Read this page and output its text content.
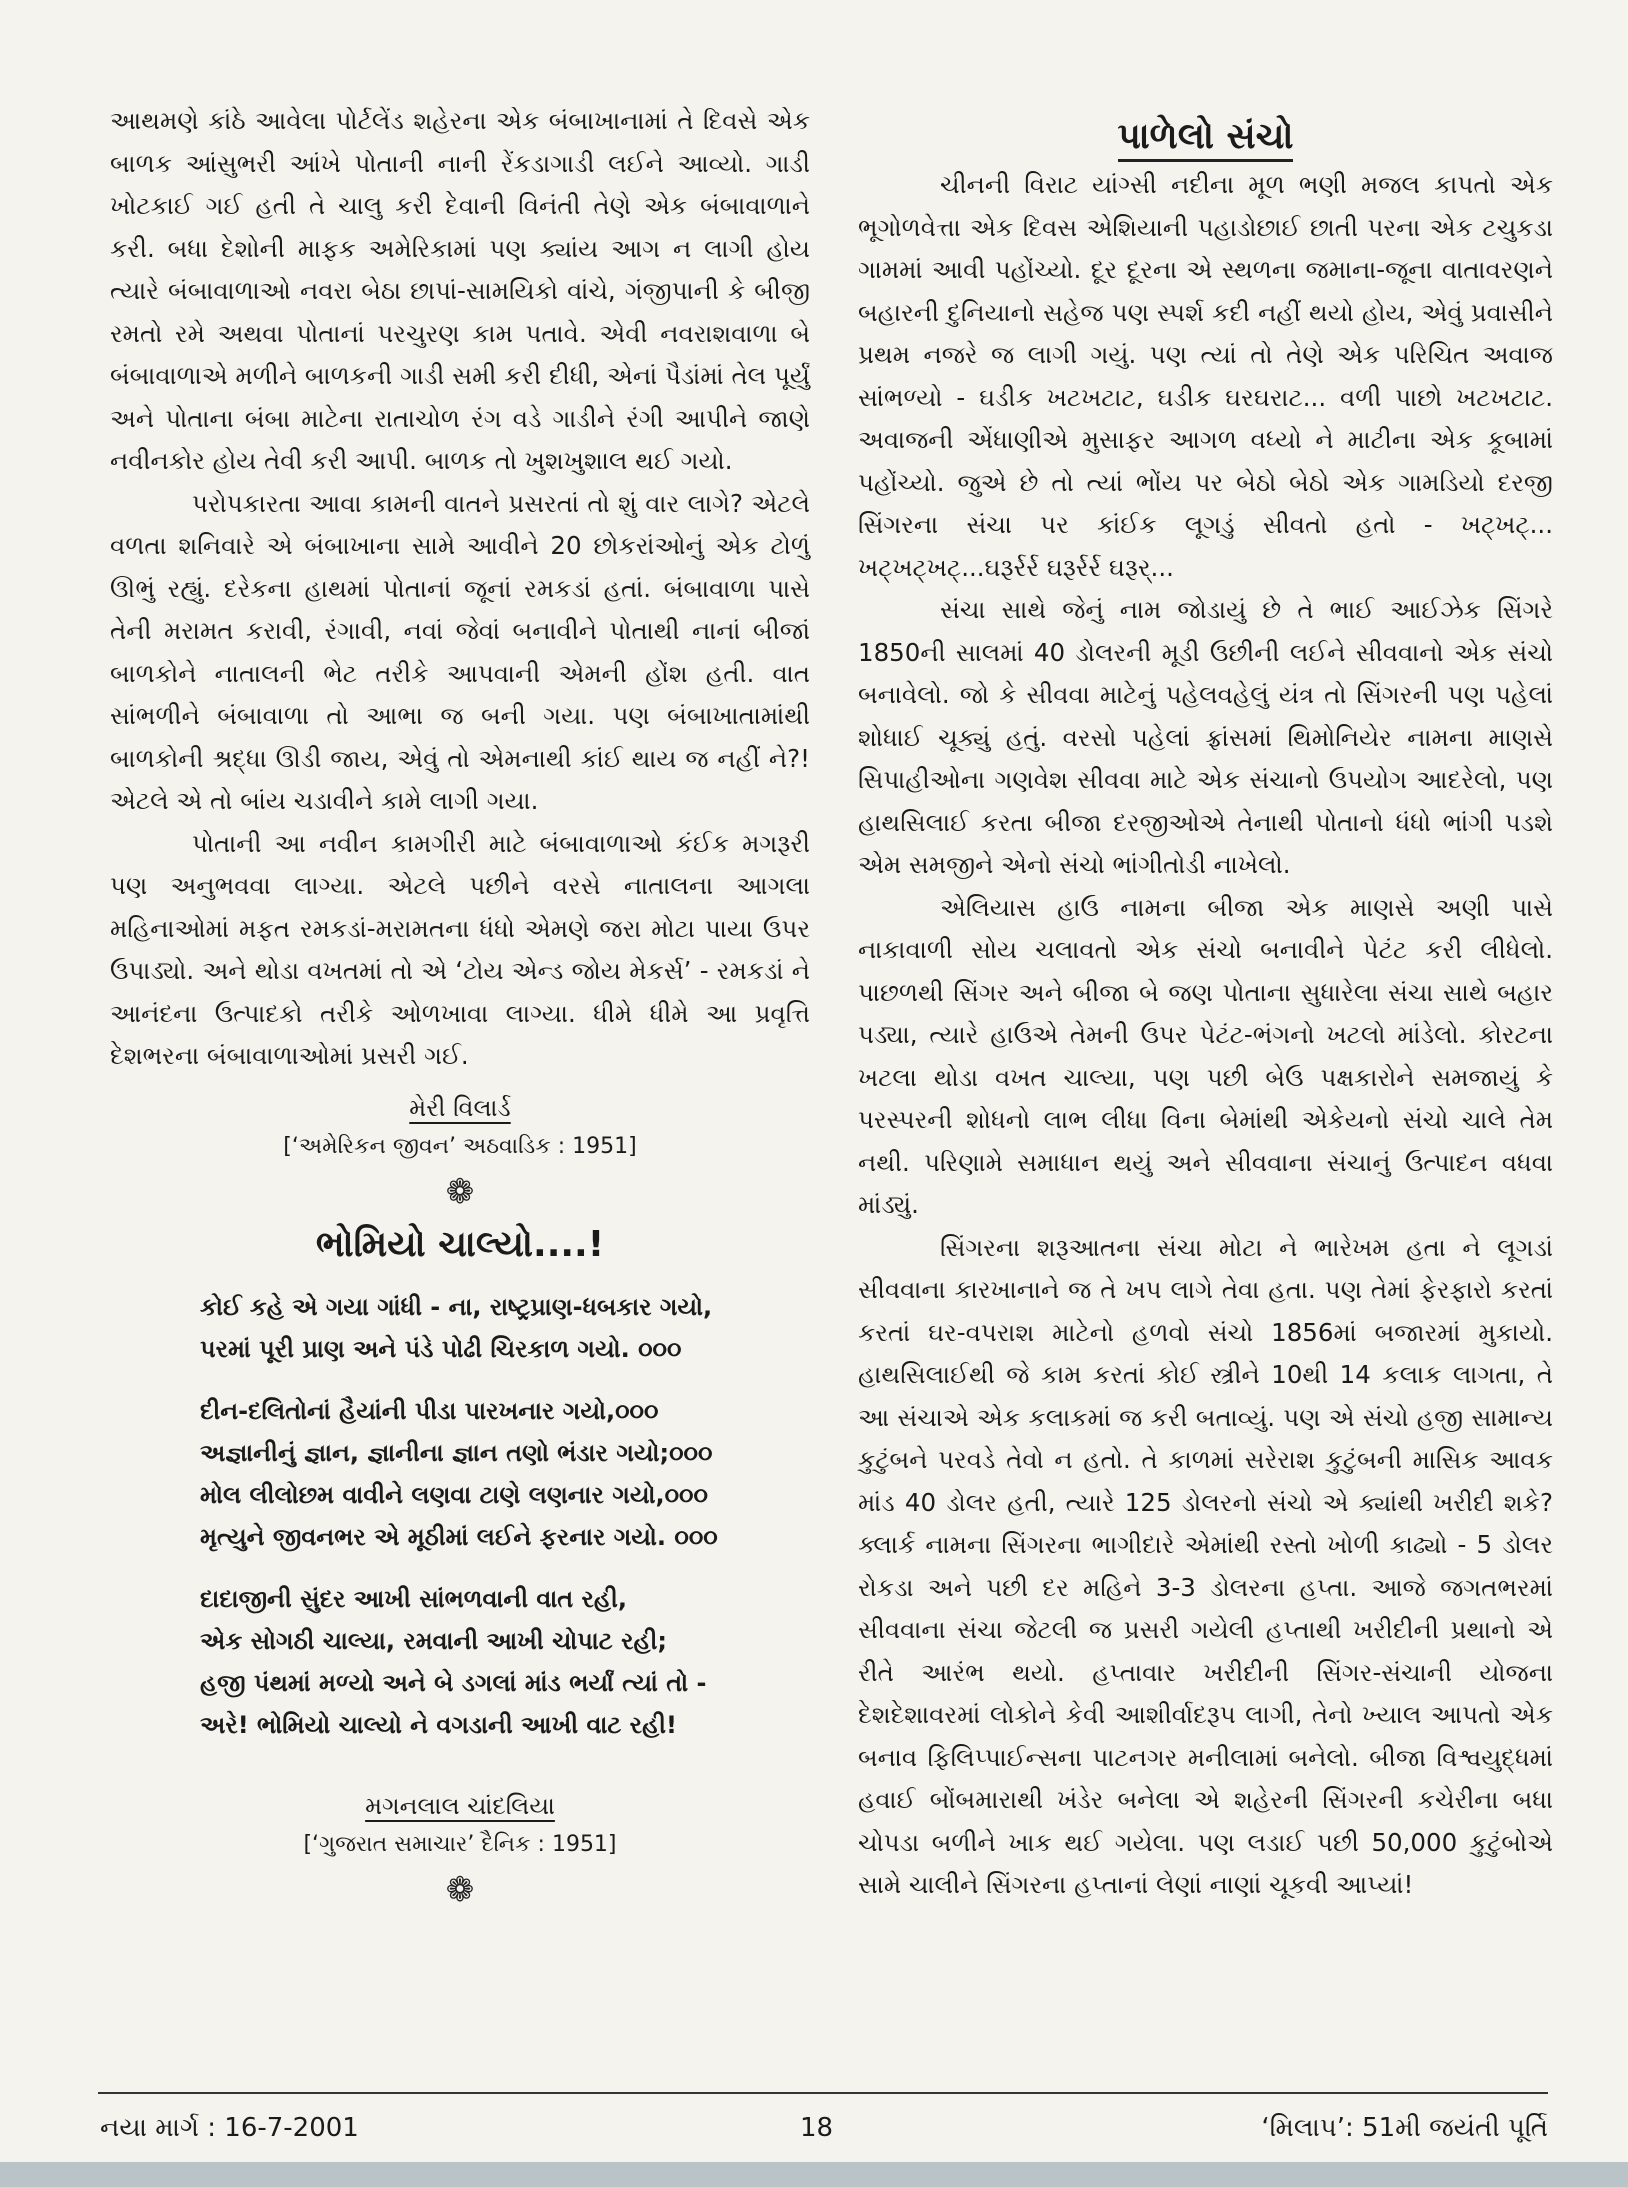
આથમણે કાંઠે આવેલા પોર્ટલેંડ શહેરના એક બંબાખાનામાં તે દિવસે એક બાળક આંસુભરી આંખે પોતાની નાની રેંકડાગાડી લઈને આવ્યો. ગાડી ખોટકાઈ ગઈ હતી તે ચાલુ કરી દેવાની વિનંતી તેણે એક બંબાવાળાને કરી. બધા દેશોની માફક અમેરિકામાં પણ ક્યાંય આગ ન લાગી હોય ત્યારે બંબાવાળાઓ નવરા બેઠા છાપાં-સામયિકો વાંચે, ગંજીપાની કે બીજી રમતો રમે અથવા પોતાનાં પરચુરણ કામ પતાવે. એવી નવરાશવાળા બે બંબાવાળાએ મળીને બાળકની ગાડી સમી કરી દીધી, એનાં પૈડાંમાં તેલ પૂર્યું અને પોતાના બંબા માટેના રાતાચોળ રંગ વડે ગાડીને રંગી આપીને જાણે નવીનકોર હોય તેવી કરી આપી. બાળક તો ખુશખુશાલ થઈ ગયો.

પરોપકારતા આવા કામની વાતને પ્રસરતાં તો શું વાર લાગે? એટલે વળતા શનિવારે એ બંબાખાના સામે આવીને 20 છોકરાંઓનું એક ટોળું ઊભું રહ્યું. દરેકના હાથમાં પોતાનાં જૂનાં રમકડાં હતાં. બંબાવાળા પાસે તેની મરામત કરાવી, રંગાવી, નવાં જેવાં બનાવીને પોતાથી નાનાં બીજાં બાળકોને નાતાલની ભેટ તરીકે આપવાની એમની હોંશ હતી. વાત સાંભળીને બંબાવાળા તો આભા જ બની ગયા. પણ બંબાખાતામાંથી બાળકોની શ્રદ્ધા ઊડી જાય, એવું તો એમનાથી કાંઈ થાય જ નહીં ને?! એટલે એ તો બાંય ચડાવીને કામે લાગી ગયા.

પોતાની આ નવીન કામગીરી માટે બંબાવાળાઓ કંઈક મગરૂરી પણ અનુભવવા લાગ્યા. એટલે પછીને વરસે નાતાલના આગલા મહિનાઓમાં મફત રમકડાં-મરામતના ધંધો એમણે જરા મોટા પાયા ઉપર ઉપાડ્યો. અને થોડા વખતમાં તો એ ‘ટોય એન્ડ જોય મેકર્સ’ - રમકડાં ને આનંદના ઉત્પાદકો તરીકે ઓળખાવા લાગ્યા. ધીમે ધીમે આ પ્રવૃત્તિ દેશભરના બંબાવાળાઓમાં પ્રસરી ગઈ.

મેરી વિલાર્ડ
[‘અમેરિકન જીવન’ અઠવાડિક : 1951]
❁
ભોમિયો ચાલ્યો....!
કોઈ કહે એ ગયા ગાંધી - ના, રાષ્ટ્રપ્રાણ-ધબકાર ગયો,
પરમાં પૂરી પ્રાણ અને પંડે પોઢી ચિરકાળ ગયો. ૦૦૦
દીન-દલિતોનાં હૈયાંની પીડા પારખનાર ગયો,૦૦૦
અજ્ઞાનીનું જ્ઞાન, જ્ઞાનીના જ્ઞાન તણો ભંડાર ગયો;૦૦૦
મોલ લીલોછમ વાવીને લણવા ટાણે લણનાર ગયો,૦૦૦
મૃત્યુને જીવનભર એ મૂઠીમાં લઈને ફરનાર ગયો. ૦૦૦
દાદાજીની સુંદર આખી સાંભળવાની વાત રહી,
એક સોગઠી ચાલ્યા, રમવાની આખી ચોપાટ રહી;
હજી પંથમાં મળ્યો અને બે ડગલાં માંડ ભર્યાં ત્યાં તો -
અરે! ભોમિયો ચાલ્યો ને વગડાની આખી વાટ રહી!
મગનલાલ ચાંદલિયા
[‘ગુજરાત સમાચાર’ દૈનિક : 1951]
❁
પાળેલો સંચો

ચીનની વિરાટ યાંગ્સી નદીના મૂળ ભણી મજલ કાપતો એક ભૂગોળવેત્તા એક દિવસ એશિયાની પહાડોછાઈ છાતી પરના એક ટચુકડા ગામમાં આવી પહોંચ્યો. દૂર દૂરના એ સ્થળના જમાના-જૂના વાતાવરણને બહારની દુનિયાનો સહેજ પણ સ્પર્શ કદી નહીં થયો હોય, એવું પ્રવાસીને પ્રથમ નજરે જ લાગી ગયું. પણ ત્યાં તો તેણે એક પરિચિત અવાજ સાંભળ્યો - ઘડીક ખટખટાટ, ઘડીક ઘરઘરાટ... વળી પાછો ખટખટાટ. અવાજની એંધાણીએ મુસાફર આગળ વધ્યો ને માટીના એક કૂબામાં પહોંચ્યો. જુએ છે તો ત્યાં ભોંય પર બેઠો બેઠો એક ગામડિયો દરજી સિંગરના સંચા પર કાંઈક લૂગડું સીવતો હતો - ખટ્ખટ્... ખટ્ખટ્ખટ્...ઘરૂર્રર્ર ઘરૂર્રર્ર ઘરૂર્...

સંચા સાથે જેનું નામ જોડાયું છે તે ભાઈ આઈઝેક સિંગરે 1850ની સાલમાં 40 ડોલરની મૂડી ઉછીની લઈને સીવવાનો એક સંચો બનાવેલો. જો કે સીવવા માટેનું પહેલવહેલું યંત્ર તો સિંગરની પણ પહેલાં શોધાઈ ચૂક્યું હતું. વરસો પહેલાં ફ્રાંસમાં થિમોનિયેર નામના માણસે સિપાહીઓના ગણવેશ સીવવા માટે એક સંચાનો ઉપયોગ આદરેલો, પણ હાથસિલાઈ કરતા બીજા દરજીઓએ તેનાથી પોતાનો ધંધો ભાંગી પડશે એમ સમજીને એનો સંચો ભાંગીતોડી નાખેલો.

એલિયાસ હાઉ નામના બીજા એક માણસે અણી પાસે નાકાવાળી સોય ચલાવતો એક સંચો બનાવીને પેટંટ કરી લીધેલો. પાછળથી સિંગર અને બીજા બે જણ પોતાના સુધારેલા સંચા સાથે બહાર પડ્યા, ત્યારે હાઉએ તેમની ઉપર પેટંટ-ભંગનો ખટલો માંડેલો. કોરટના ખટલા થોડા વખત ચાલ્યા, પણ પછી બેઉ પક્ષકારોને સમજાયું કે પરસ્પરની શોધનો લાભ લીધા વિના બેમાંથી એકેયનો સંચો ચાલે તેમ નથી. પરિણામે સમાધાન થયું અને સીવવાના સંચાનું ઉત્પાદન વધવા માંડ્યું.

સિંગરના શરૂઆતના સંચા મોટા ને ભારેખમ હતા ને લૂગડાં સીવવાના કારખાનાને જ તે ખપ લાગે તેવા હતા. પણ તેમાં ફેરફારો કરતાં કરતાં ઘર-વપરાશ માટેનો હળવો સંચો 1856માં બજારમાં મુકાયો. હાથસિલાઈથી જે કામ કરતાં કોઈ સ્ત્રીને 10થી 14 કલાક લાગતા, તે આ સંચાએ એક કલાકમાં જ કરી બતાવ્યું. પણ એ સંચો હજી સામાન્ય કુટુંબને પરવડે તેવો ન હતો. તે કાળમાં સરેરાશ કુટુંબની માસિક આવક માંડ 40 ડોલર હતી, ત્યારે 125 ડોલરનો સંચો એ ક્યાંથી ખરીદી શકે? ક્લાર્ક નામના સિંગરના ભાગીદારે એમાંથી રસ્તો ખોળી કાઢ્યો - 5 ડોલર રોકડા અને પછી દર મહિને 3-3 ડોલરના હપ્તા. આજે જગતભરમાં સીવવાના સંચા જેટલી જ પ્રસરી ગયેલી હપ્તાથી ખરીદીની પ્રથાનો એ રીતે આરંભ થયો. હપ્તાવાર ખરીદીની સિંગર-સંચાની યોજના દેશદેશાવરમાં લોકોને કેવી આશીર્વાદરૂપ લાગી, તેનો ખ્યાલ આપતો એક બનાવ ફિલિપ્પાઈન્સના પાટનગર મનીલામાં બનેલો. બીજા વિશ્વયુદ્ધમાં હવાઈ બોંબમારાથી ખંડેર બનેલા એ શહેરની સિંગરની કચેરીના બધા ચોપડા બળીને ખાક થઈ ગયેલા. પણ લડાઈ પછી 50,000 કુટુંબોએ સામે ચાલીને સિંગરના હપ્તાનાં લેણાં નાણાં ચૂકવી આપ્યાં!

નયા માર્ગ : 16-7-2001	18	‘મિલાપ’: 51મી જયંતી પૂર્તિ
